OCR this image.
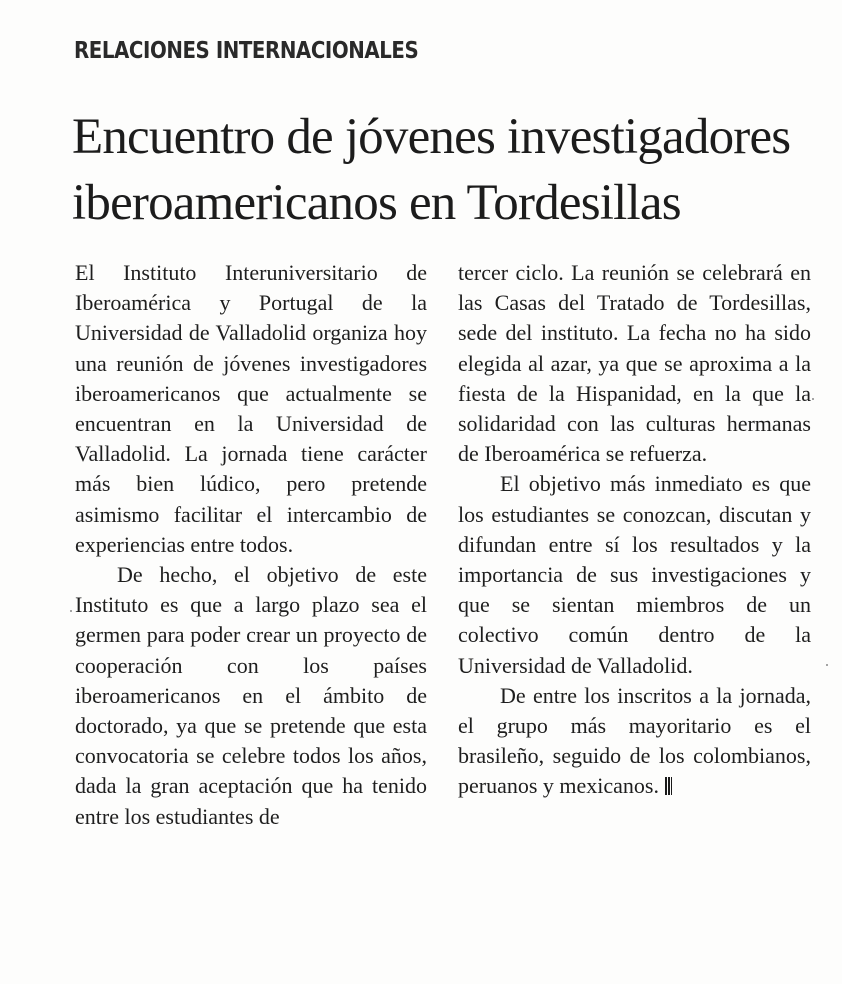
RELACIONES INTERNACIONALES
Encuentro de jóvenes investigadores
iberoamericanos en Tordesillas

El Instituto Interuniversitario de Iberoamérica y Portugal de la Universidad de Valladolid organiza hoy una reunión de jóvenes investigadores iberoamericanos que actualmente se encuentran en la Universidad de Valladolid. La jornada tiene carácter más bien lúdico, pero pretende asimismo facilitar el intercambio de experiencias entre todos.

De hecho, el objetivo de este Instituto es que a largo plazo sea el germen para poder crear un proyecto de cooperación con los países iberoamericanos en el ámbito de doctorado, ya que se pretende que esta convocatoria se celebre todos los años, dada la gran aceptación que ha tenido entre los estudiantes de

tercer ciclo. La reunión se celebrará en las Casas del Tratado de Tordesillas, sede del instituto. La fecha no ha sido elegida al azar, ya que se aproxima a la fiesta de la Hispanidad, en la que la solidaridad con las culturas hermanas de Iberoamérica se refuerza.

El objetivo más inmediato es que los estudiantes se conozcan, discutan y difundan entre sí los resultados y la importancia de sus investigaciones y que se sientan miembros de un colectivo común dentro de la Universidad de Valladolid.

De entre los inscritos a la jornada, el grupo más mayoritario es el brasileño, seguido de los colombianos, peruanos y mexicanos.
